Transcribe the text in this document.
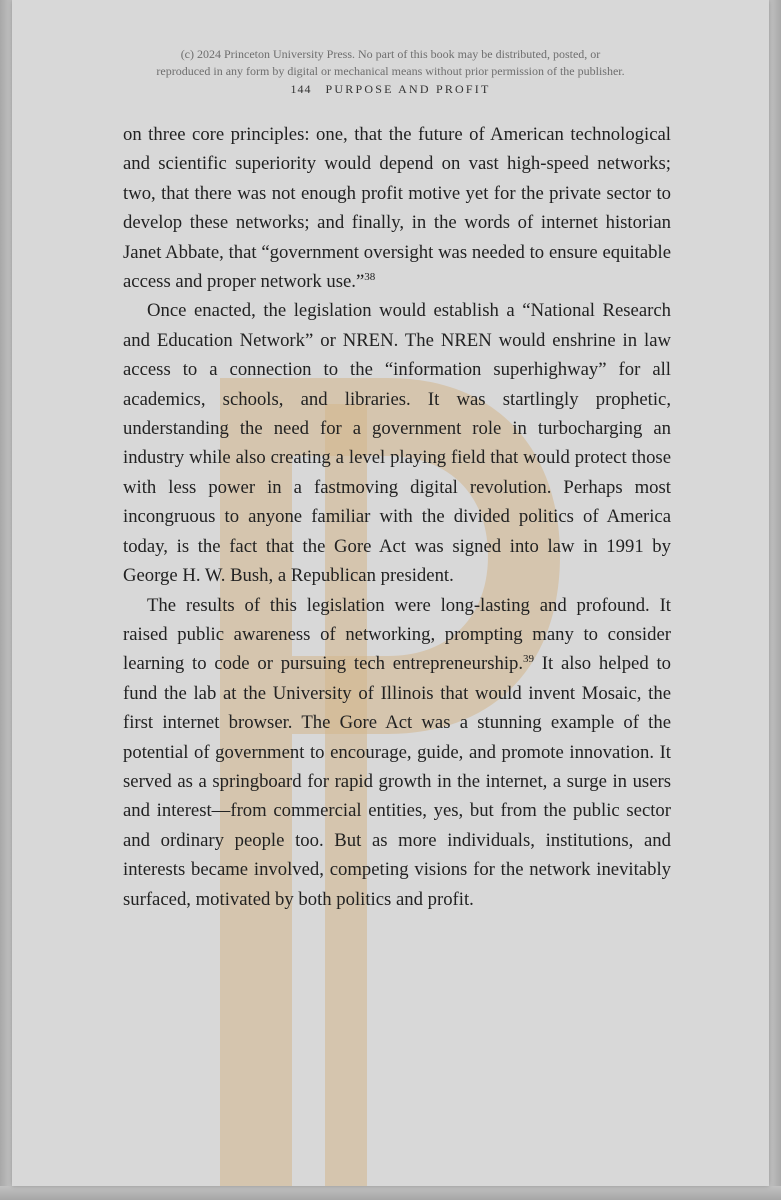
(c) 2024 Princeton University Press. No part of this book may be distributed, posted, or
reproduced in any form by digital or mechanical means without prior permission of the publisher.
144 PURPOSE AND PROFIT

on three core principles: one, that the future of American technological and scientific superiority would depend on vast high-speed networks; two, that there was not enough profit motive yet for the private sector to develop these networks; and finally, in the words of internet historian Janet Abbate, that “government oversight was needed to ensure equitable access and proper network use.”$^{38}$

Once enacted, the legislation would establish a “National Research and Education Network” or NREN. The NREN would enshrine in law access to a connection to the “information superhighway” for all academics, schools, and libraries. It was startlingly prophetic, understanding the need for a government role in turbocharging an industry while also creating a level playing field that would protect those with less power in a fastmoving digital revolution. Perhaps most incongruous to anyone familiar with the divided politics of America today, is the fact that the Gore Act was signed into law in 1991 by George H. W. Bush, a Republican president.

The results of this legislation were long-lasting and profound. It raised public awareness of networking, prompting many to consider learning to code or pursuing tech entrepreneurship.$^{39}$ It also helped to fund the lab at the University of Illinois that would invent Mosaic, the first internet browser. The Gore Act was a stunning example of the potential of government to encourage, guide, and promote innovation. It served as a springboard for rapid growth in the internet, a surge in users and interest—from commercial entities, yes, but from the public sector and ordinary people too. But as more individuals, institutions, and interests became involved, competing visions for the network inevitably surfaced, motivated by both politics and profit.
